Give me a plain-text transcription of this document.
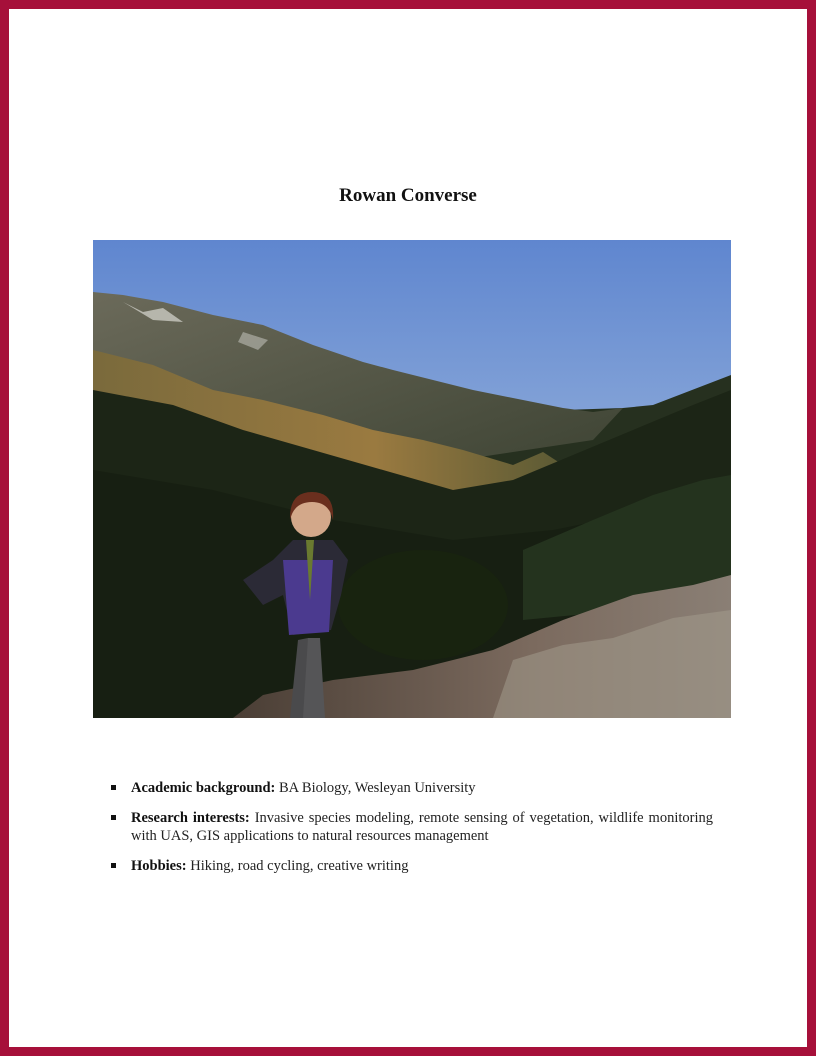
Rowan Converse
Academic background: BA Biology, Wesleyan University
Research interests: Invasive species modeling, remote sensing of vegetation, wildlife monitoring with UAS, GIS applications to natural resources management
Hobbies: Hiking, road cycling, creative writing
